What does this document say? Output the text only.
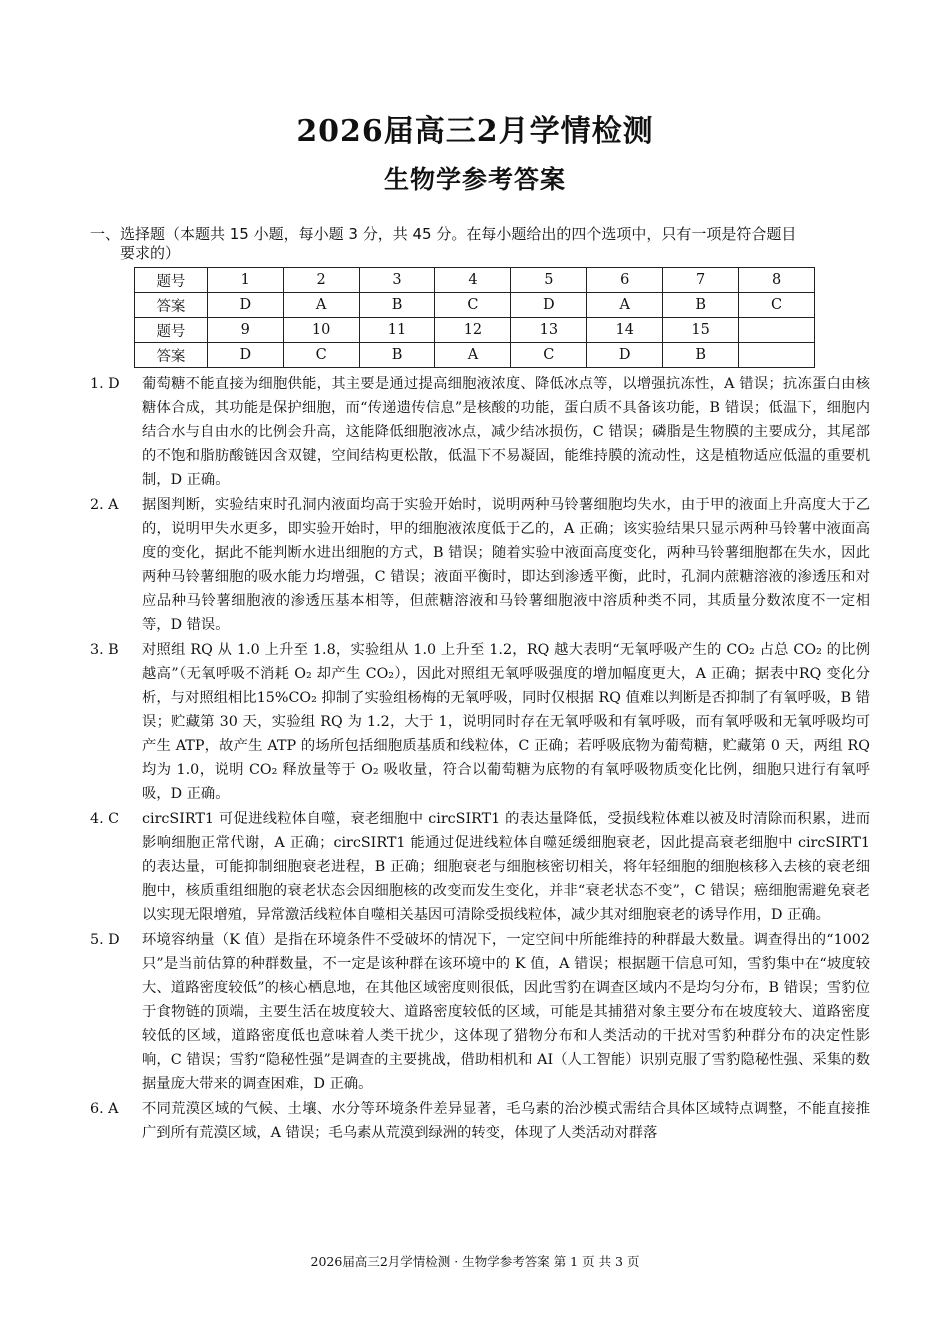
2026届高三2月学情检测
生物学参考答案
一、选择题（本题共 15 小题，每小题 3 分，共 45 分。在每小题给出的四个选项中，只有一项是符合题目
要求的）
题号	1	2	3	4	5	6	7	8
答案	D	A	B	C	D	A	B	C
题号	9	10	11	12	13	14	15	
答案	D	C	B	A	C	D	B	
1. D	葡萄糖不能直接为细胞供能，其主要是通过提高细胞液浓度、降低冰点等，以增强抗冻性，A 错误；抗冻蛋白由核糖体合成，其功能是保护细胞，而“传递遗传信息”是核酸的功能，蛋白质不具备该功能，B 错误；低温下，细胞内结合水与自由水的比例会升高，这能降低细胞液冰点，减少结冰损伤，C 错误；磷脂是生物膜的主要成分，其尾部的不饱和脂肪酸链因含双键，空间结构更松散，低温下不易凝固，能维持膜的流动性，这是植物适应低温的重要机制，D 正确。
2. A	据图判断，实验结束时孔洞内液面均高于实验开始时，说明两种马铃薯细胞均失水，由于甲的液面上升高度大于乙的，说明甲失水更多，即实验开始时，甲的细胞液浓度低于乙的，A 正确；该实验结果只显示两种马铃薯中液面高度的变化，据此不能判断水进出细胞的方式，B 错误；随着实验中液面高度变化，两种马铃薯细胞都在失水，因此两种马铃薯细胞的吸水能力均增强，C 错误；液面平衡时，即达到渗透平衡，此时，孔洞内蔗糖溶液的渗透压和对应品种马铃薯细胞液的渗透压基本相等，但蔗糖溶液和马铃薯细胞液中溶质种类不同，其质量分数浓度不一定相等，D 错误。
3. B	对照组 RQ 从 1.0 上升至 1.8，实验组从 1.0 上升至 1.2，RQ 越大表明“无氧呼吸产生的 CO₂ 占总 CO₂ 的比例越高”（无氧呼吸不消耗 O₂ 却产生 CO₂），因此对照组无氧呼吸强度的增加幅度更大，A 正确；据表中RQ 变化分析，与对照组相比15%CO₂ 抑制了实验组杨梅的无氧呼吸，同时仅根据 RQ 值难以判断是否抑制了有氧呼吸，B 错误；贮藏第 30 天，实验组 RQ 为 1.2，大于 1，说明同时存在无氧呼吸和有氧呼吸，而有氧呼吸和无氧呼吸均可产生 ATP，故产生 ATP 的场所包括细胞质基质和线粒体，C 正确；若呼吸底物为葡萄糖，贮藏第 0 天，两组 RQ 均为 1.0，说明 CO₂ 释放量等于 O₂ 吸收量，符合以葡萄糖为底物的有氧呼吸物质变化比例，细胞只进行有氧呼吸，D 正确。
4. C	circSIRT1 可促进线粒体自噬，衰老细胞中 circSIRT1 的表达量降低，受损线粒体难以被及时清除而积累，进而影响细胞正常代谢，A 正确；circSIRT1 能通过促进线粒体自噬延缓细胞衰老，因此提高衰老细胞中 circSIRT1 的表达量，可能抑制细胞衰老进程，B 正确；细胞衰老与细胞核密切相关，将年轻细胞的细胞核移入去核的衰老细胞中，核质重组细胞的衰老状态会因细胞核的改变而发生变化，并非“衰老状态不变”，C 错误；癌细胞需避免衰老以实现无限增殖，异常激活线粒体自噬相关基因可清除受损线粒体，减少其对细胞衰老的诱导作用，D 正确。
5. D	环境容纳量（K 值）是指在环境条件不受破坏的情况下，一定空间中所能维持的种群最大数量。调查得出的“1002 只”是当前估算的种群数量，不一定是该种群在该环境中的 K 值，A 错误；根据题干信息可知，雪豹集中在“坡度较大、道路密度较低”的核心栖息地，在其他区域密度则很低，因此雪豹在调查区域内不是均匀分布，B 错误；雪豹位于食物链的顶端，主要生活在坡度较大、道路密度较低的区域，可能是其捕猎对象主要分布在坡度较大、道路密度较低的区域，道路密度低也意味着人类干扰少，这体现了猎物分布和人类活动的干扰对雪豹种群分布的决定性影响，C 错误；雪豹“隐秘性强”是调查的主要挑战，借助相机和 AI（人工智能）识别克服了雪豹隐秘性强、采集的数据量庞大带来的调查困难，D 正确。
6. A	不同荒漠区域的气候、土壤、水分等环境条件差异显著，毛乌素的治沙模式需结合具体区域特点调整，不能直接推广到所有荒漠区域，A 错误；毛乌素从荒漠到绿洲的转变，体现了人类活动对群落
2026届高三2月学情检测 · 生物学参考答案 第 1 页 共 3 页
